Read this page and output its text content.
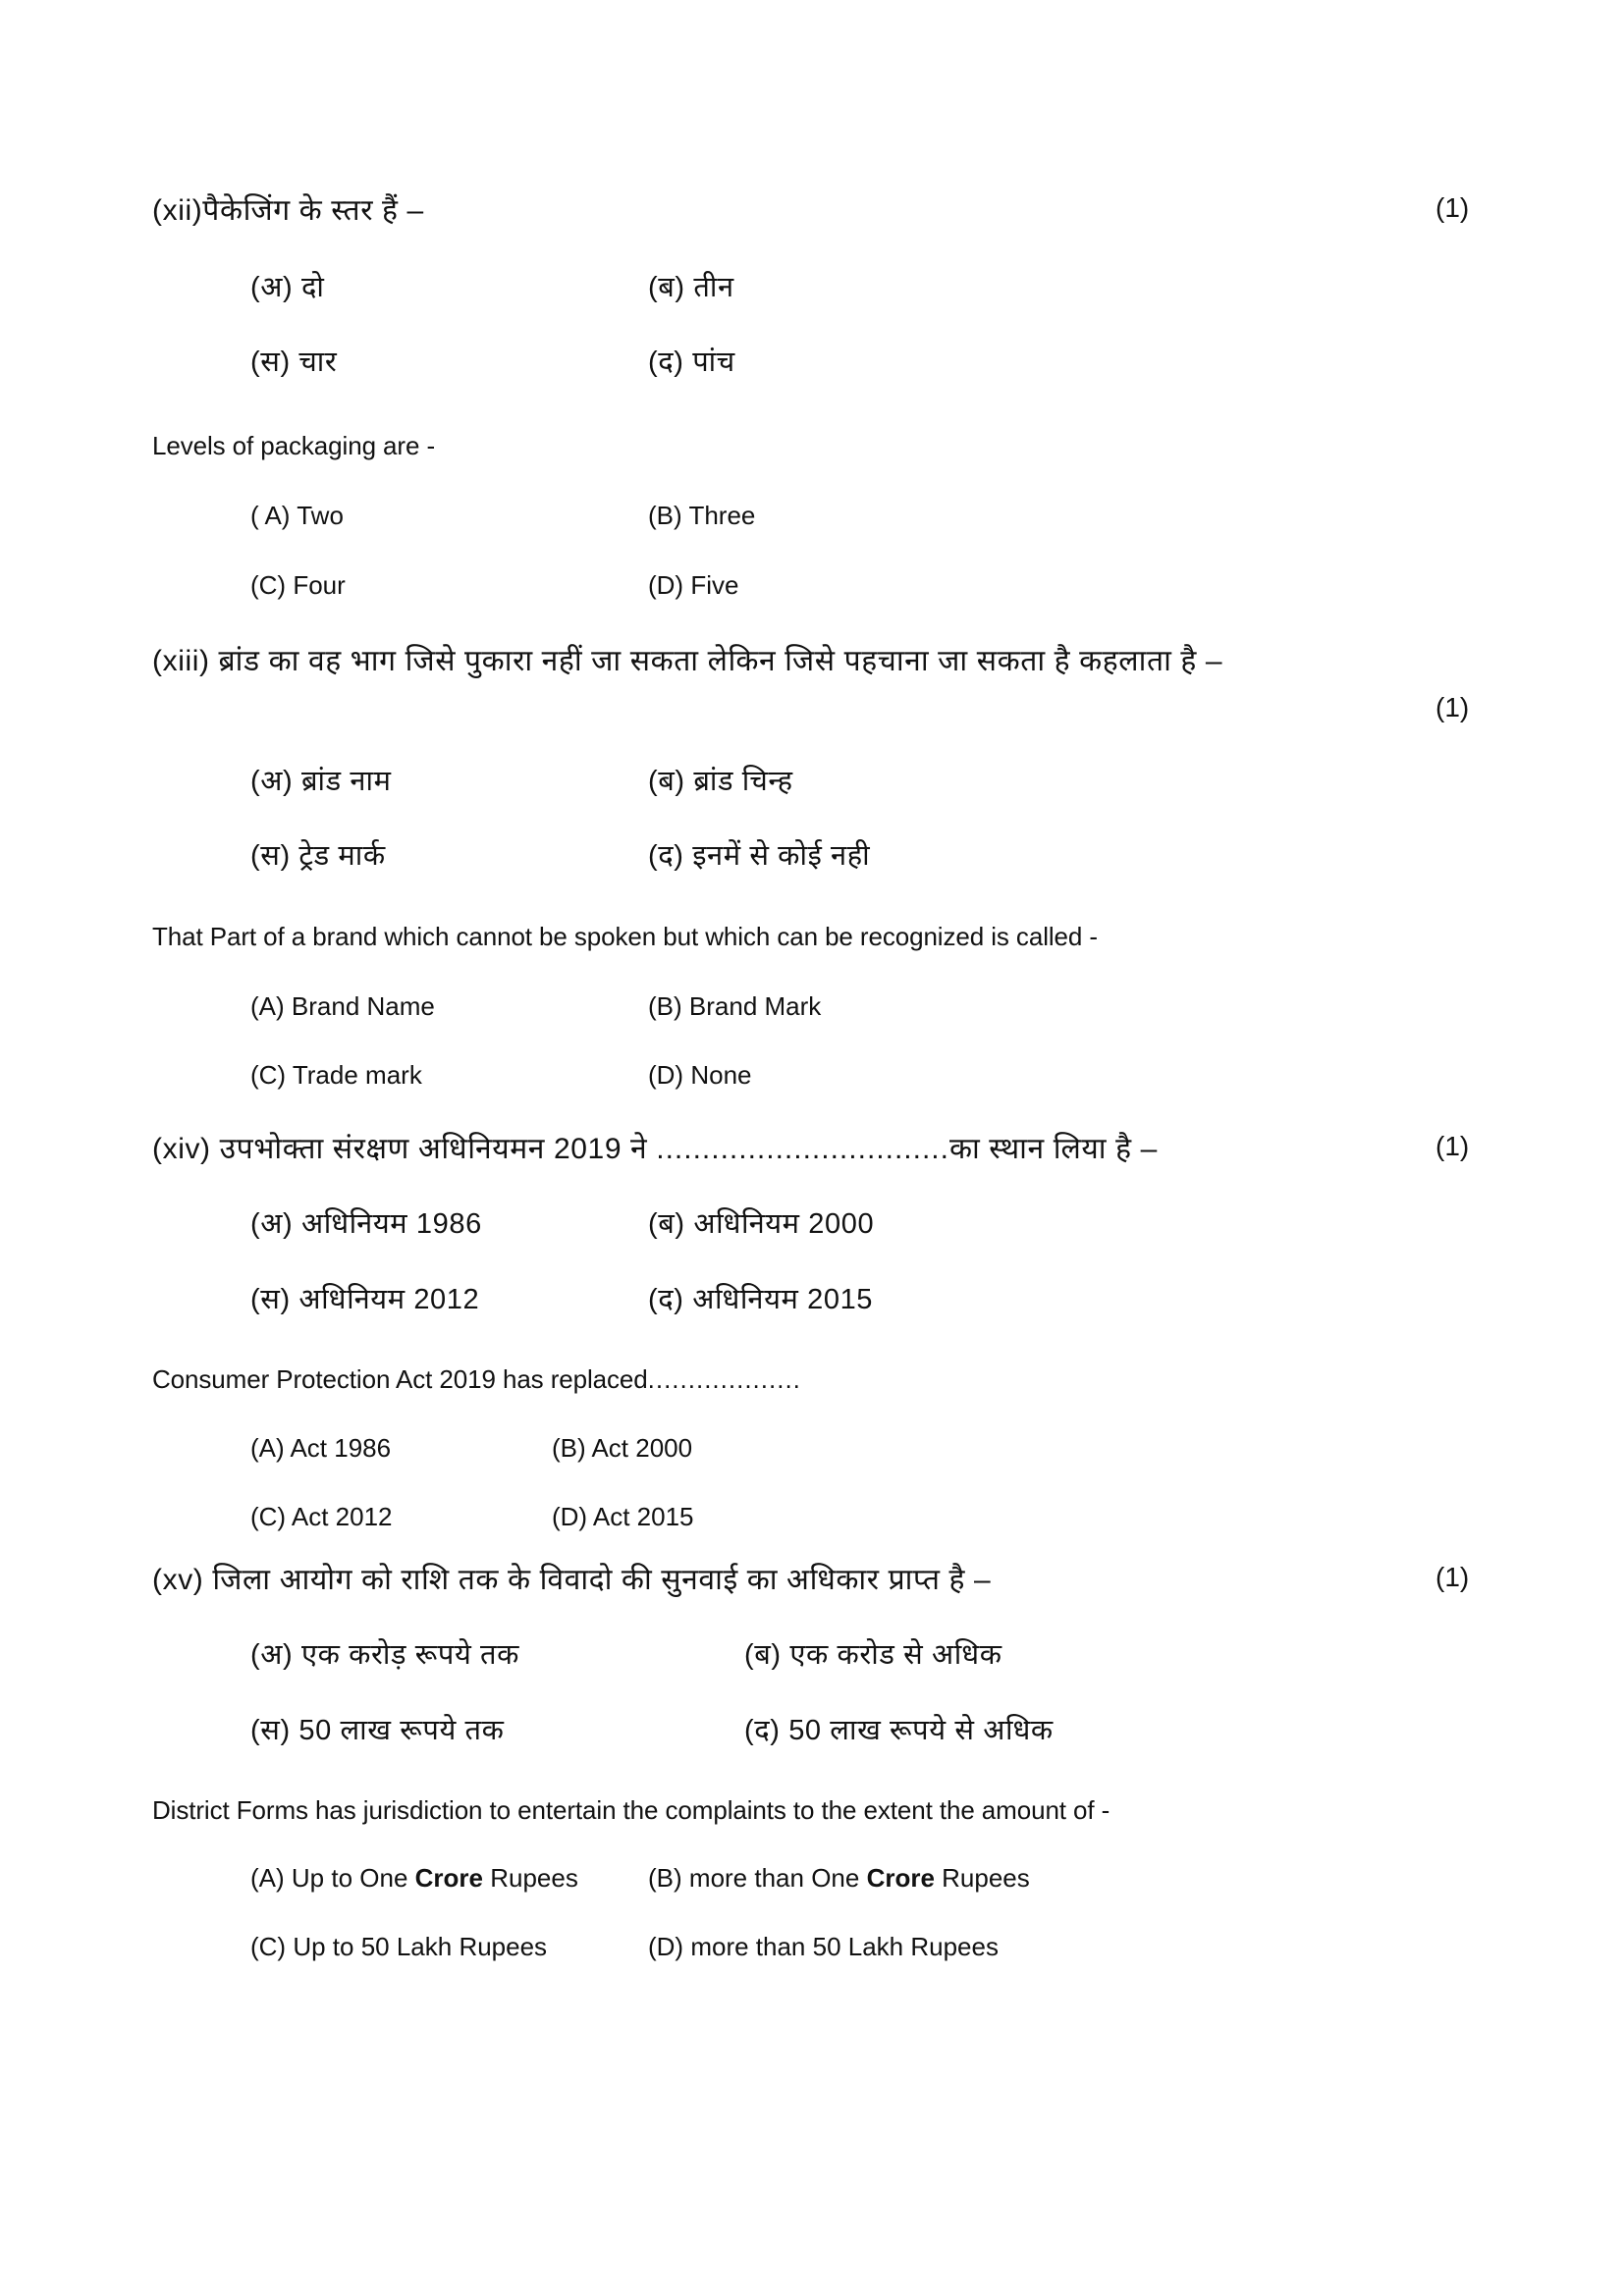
(xii)पैकेजिंग के स्तर हैं –	(1)
(अ) दो	(ब) तीन
(स) चार	(द) पांच
Levels of packaging are -
( A) Two	(B) Three
(C) Four	(D) Five
(xiii) ब्रांड का वह भाग जिसे पुकारा नहीं जा सकता लेकिन जिसे पहचाना जा सकता है कहलाता है –
(1)
(अ) ब्रांड नाम	(ब) ब्रांड चिन्ह
(स) ट्रेड मार्क	(द) इनमें से कोई नही
That Part of a brand which cannot be spoken but which can be recognized is called -
(A) Brand Name	(B) Brand Mark
(C) Trade mark	(D) None
(xiv) उपभोक्ता संरक्षण अधिनियमन 2019 ने ................................का स्थान लिया है –	(1)
(अ) अधिनियम 1986	(ब) अधिनियम 2000
(स) अधिनियम 2012	(द) अधिनियम 2015
Consumer Protection Act 2019 has replaced...................
(A) Act 1986	(B) Act 2000
(C) Act 2012	(D) Act 2015
(xv) जिला आयोग को राशि तक के विवादो की सुनवाई का अधिकार प्राप्त है –	(1)
(अ) एक करोड़ रूपये तक	(ब) एक करोड से अधिक
(स) 50 लाख रूपये तक	(द) 50 लाख रूपये से अधिक
District Forms has jurisdiction to entertain the complaints to the extent the amount of -
(A) Up to One Crore Rupees	(B) more than One Crore Rupees
(C) Up to 50 Lakh Rupees	(D) more than 50 Lakh Rupees
